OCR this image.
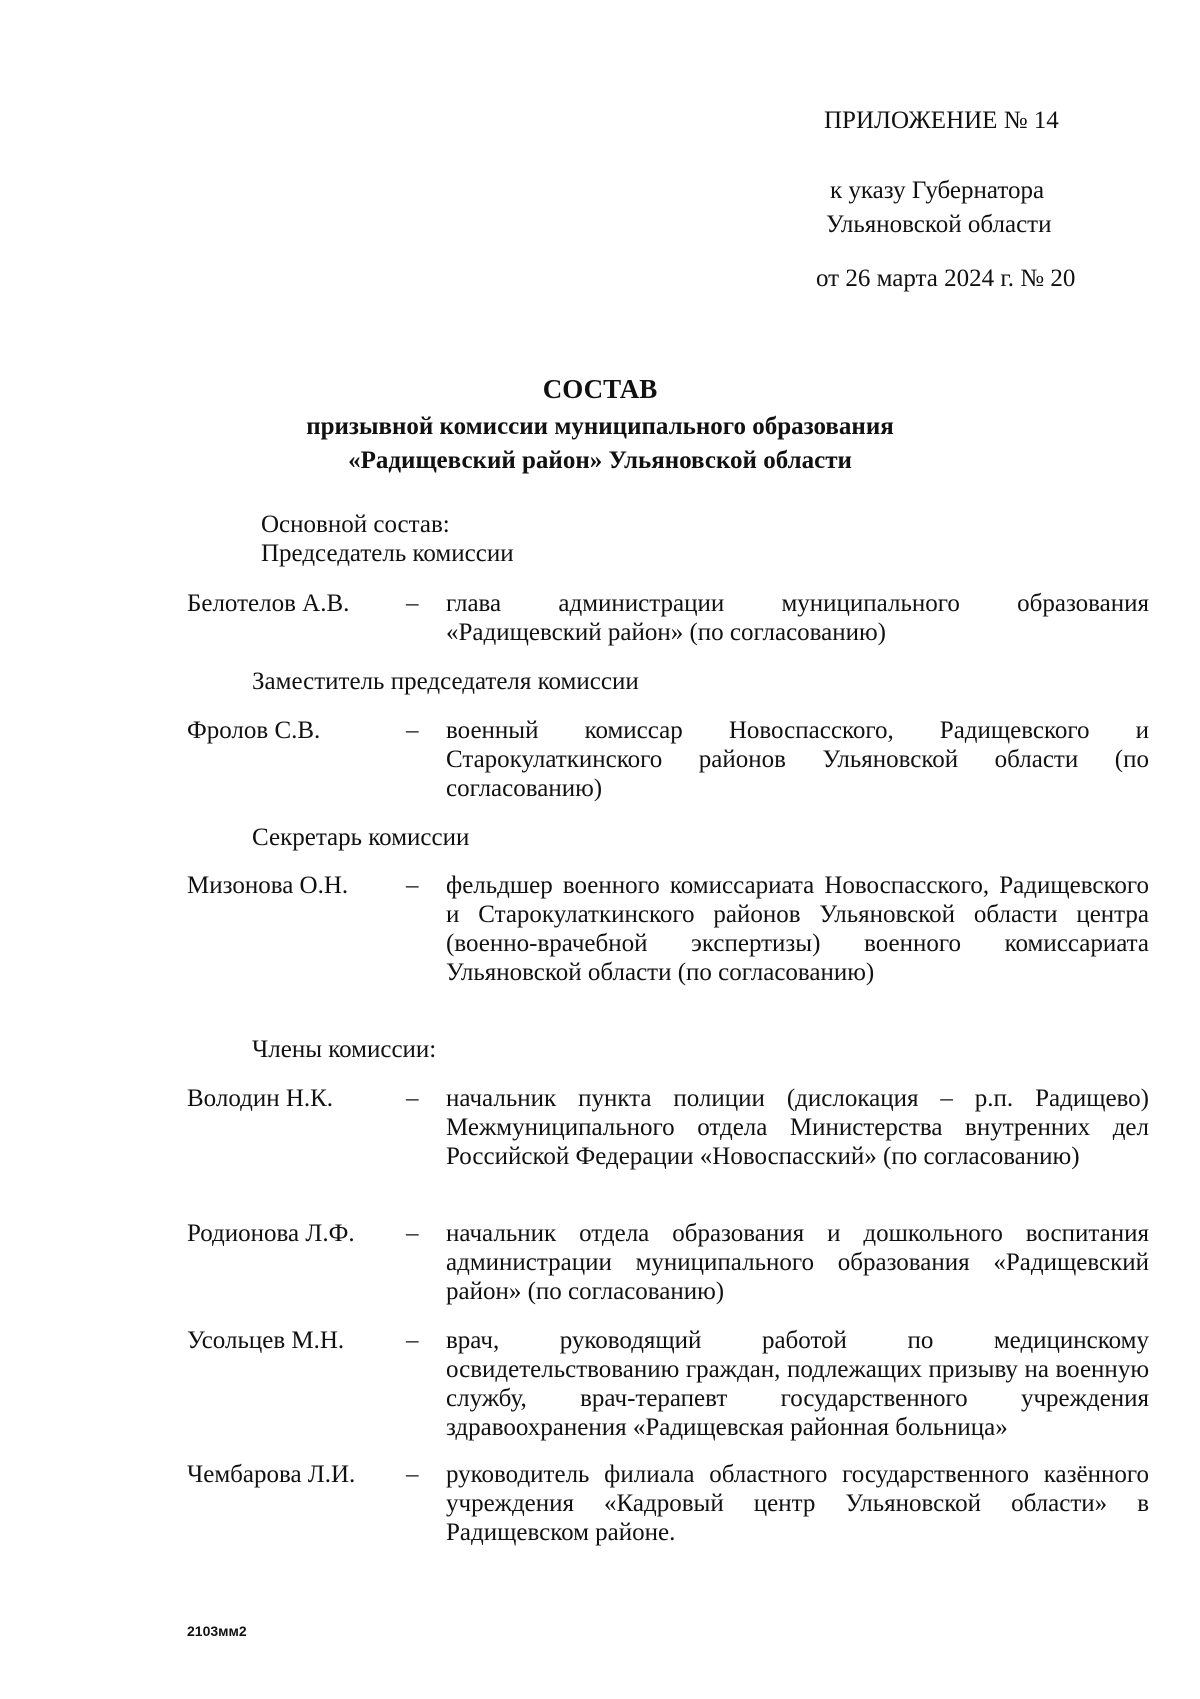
ПРИЛОЖЕНИЕ № 14
к указу Губернатора
Ульяновской области
от 26 марта 2024 г. № 20
СОСТАВ
призывной комиссии муниципального образования
«Радищевский район» Ульяновской области
Основной состав:
Председатель комиссии
Белотелов А.В. – глава администрации муниципального образования «Радищевский район» (по согласованию)
Заместитель председателя комиссии
Фролов С.В.	– военный комиссар Новоспасского, Радищевского и Старокулаткинского районов Ульяновской области (по согласованию)
Секретарь комиссии
Мизонова О.Н. – фельдшер военного комиссариата Новоспасского, Радищевского и Старокулаткинского районов Ульяновской области центра (военно-врачебной экспертизы) военного комиссариата Ульяновской области (по согласованию)
Члены комиссии:
Володин Н.К.	– начальник пункта полиции (дислокация – р.п. Радищево) Межмуниципального отдела Министерства внутренних дел Российской Федерации «Новоспасский» (по согласованию)
Родионова Л.Ф. – начальник отдела образования и дошкольного воспитания администрации муниципального образования «Радищевский район» (по согласованию)
Усольцев М.Н. – врач, руководящий работой по медицинскому освидетельствованию граждан, подлежащих призыву на военную службу, врач-терапевт государственного учреждения здравоохранения «Радищевская районная больница»
Чембарова Л.И. – руководитель филиала областного государственного казённого учреждения «Кадровый центр Ульяновской области» в Радищевском районе.
2103мм2
